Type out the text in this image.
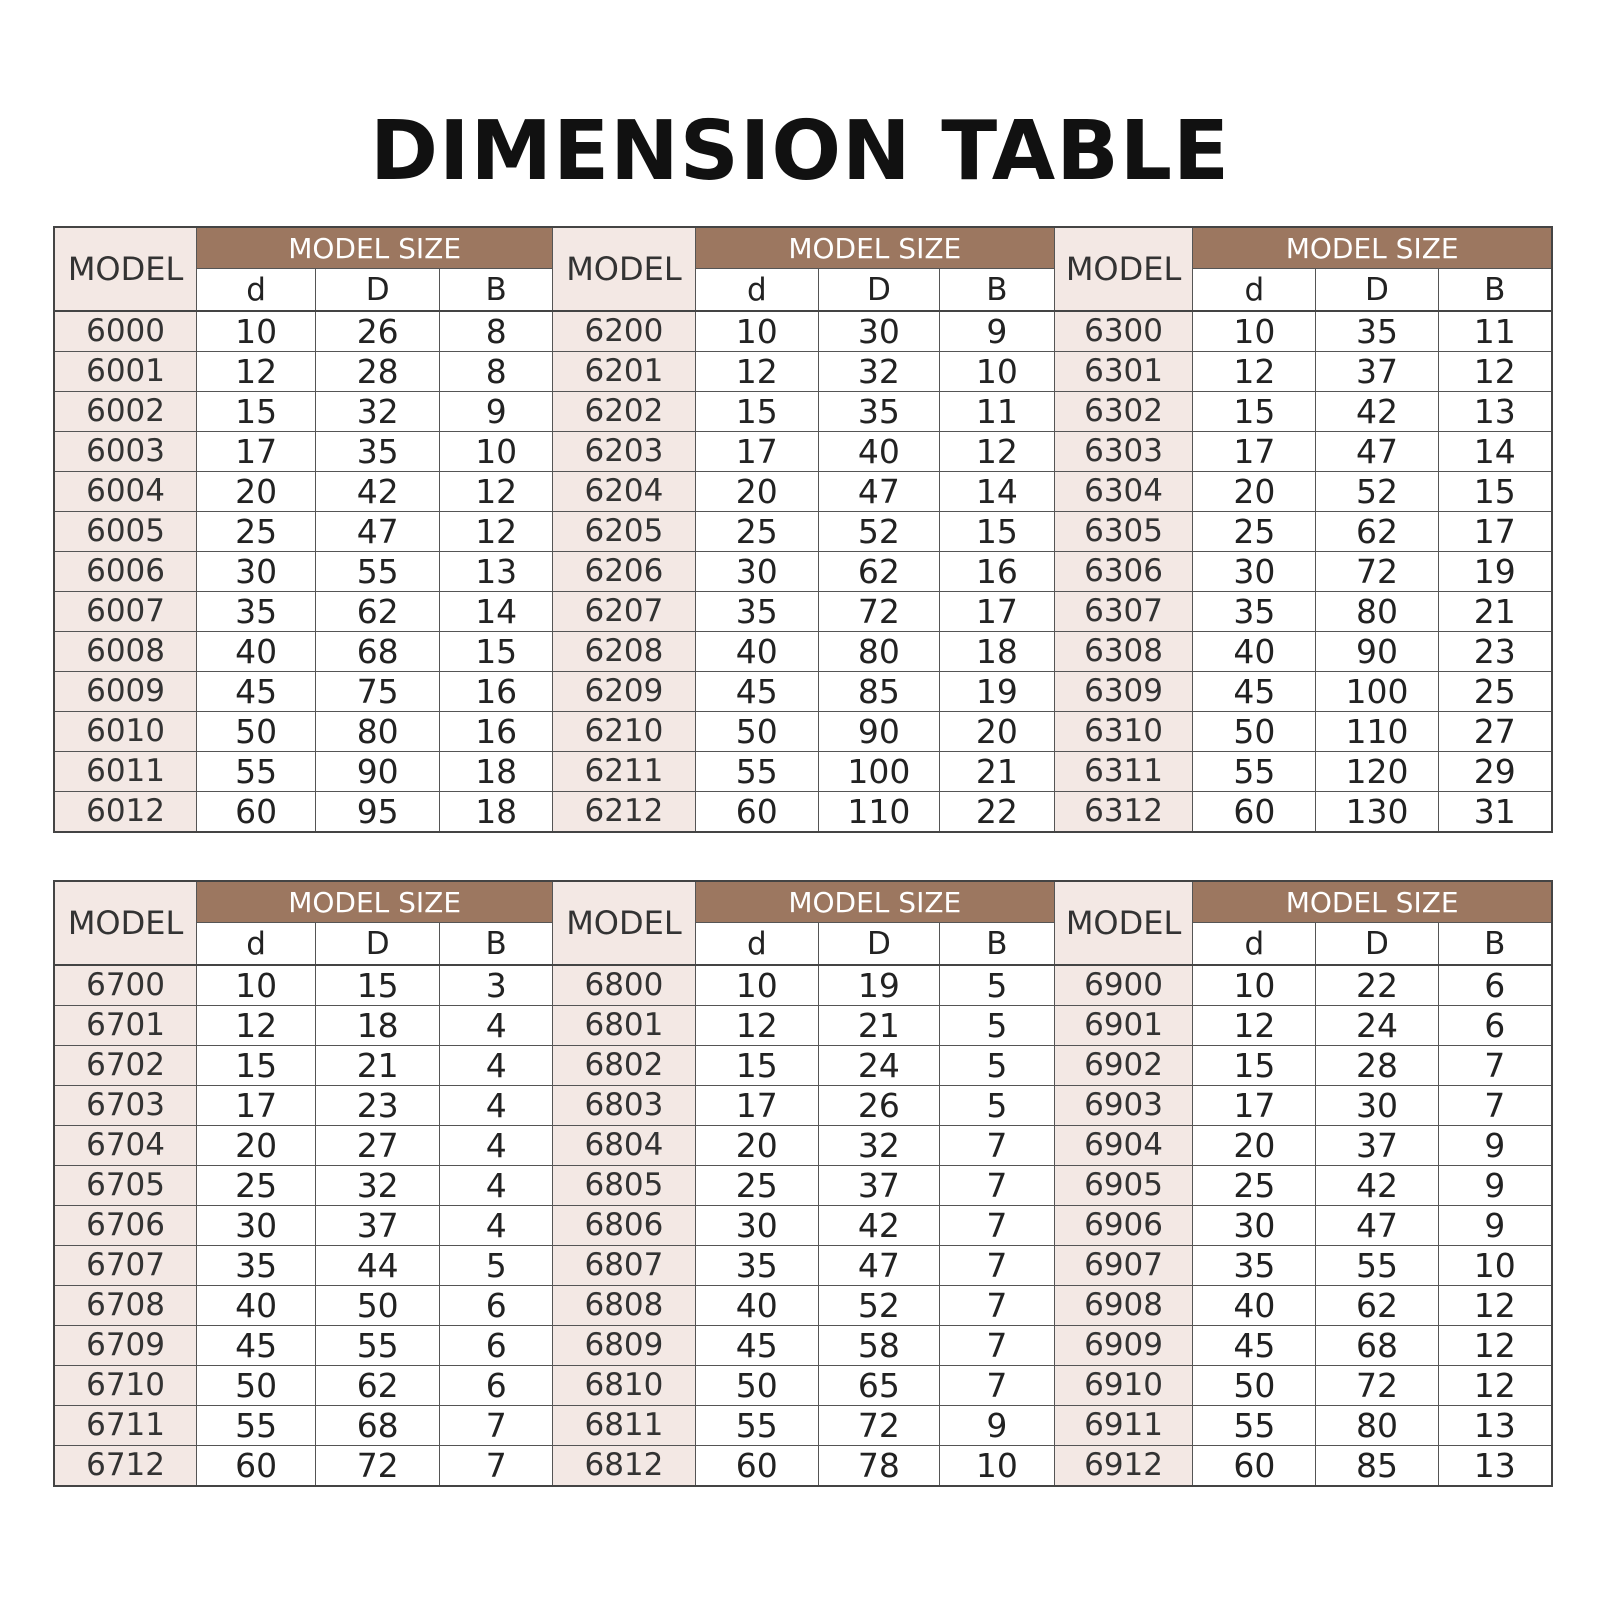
DIMENSION TABLE
MODEL	MODEL SIZE			MODEL	MODEL SIZE			MODEL	MODEL SIZE		
	d	D	B		d	D	B		d	D	B
6000	10	26	8	6200	10	30	9	6300	10	35	11
6001	12	28	8	6201	12	32	10	6301	12	37	12
6002	15	32	9	6202	15	35	11	6302	15	42	13
6003	17	35	10	6203	17	40	12	6303	17	47	14
6004	20	42	12	6204	20	47	14	6304	20	52	15
6005	25	47	12	6205	25	52	15	6305	25	62	17
6006	30	55	13	6206	30	62	16	6306	30	72	19
6007	35	62	14	6207	35	72	17	6307	35	80	21
6008	40	68	15	6208	40	80	18	6308	40	90	23
6009	45	75	16	6209	45	85	19	6309	45	100	25
6010	50	80	16	6210	50	90	20	6310	50	110	27
6011	55	90	18	6211	55	100	21	6311	55	120	29
6012	60	95	18	6212	60	110	22	6312	60	130	31
MODEL	MODEL SIZE			MODEL	MODEL SIZE			MODEL	MODEL SIZE		
	d	D	B		d	D	B		d	D	B
6700	10	15	3	6800	10	19	5	6900	10	22	6
6701	12	18	4	6801	12	21	5	6901	12	24	6
6702	15	21	4	6802	15	24	5	6902	15	28	7
6703	17	23	4	6803	17	26	5	6903	17	30	7
6704	20	27	4	6804	20	32	7	6904	20	37	9
6705	25	32	4	6805	25	37	7	6905	25	42	9
6706	30	37	4	6806	30	42	7	6906	30	47	9
6707	35	44	5	6807	35	47	7	6907	35	55	10
6708	40	50	6	6808	40	52	7	6908	40	62	12
6709	45	55	6	6809	45	58	7	6909	45	68	12
6710	50	62	6	6810	50	65	7	6910	50	72	12
6711	55	68	7	6811	55	72	9	6911	55	80	13
6712	60	72	7	6812	60	78	10	6912	60	85	13
